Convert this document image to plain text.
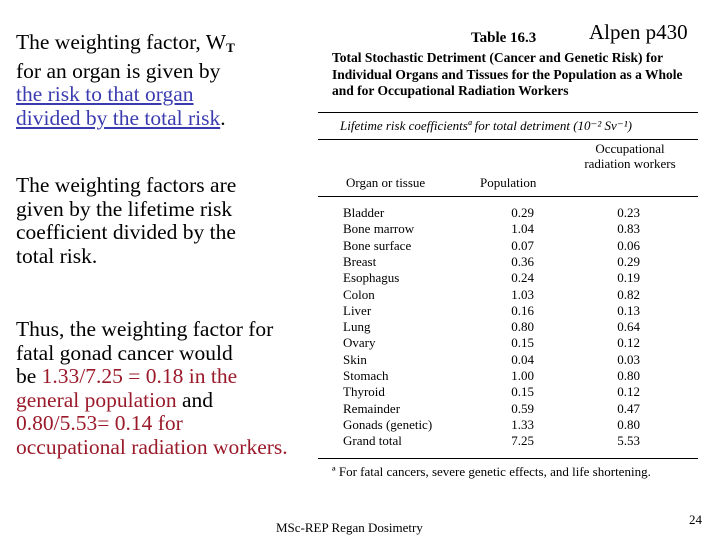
The weighting factor, $W_T$
for an organ is given by
the risk to that organ
divided by the total risk.
The weighting factors are
given by the lifetime risk
coefficient divided by the
total risk.
Thus, the weighting factor for
fatal gonad cancer would
be 1.33/7.25 = 0.18 in the
general population and
0.80/5.53= 0.14 for
occupational radiation workers.
Alpen p430
Table 16.3
Total Stochastic Detriment (Cancer and Genetic Risk) for Individual Organs and Tissues for the Population as a Whole and for Occupational Radiation Workers
Lifetime risk coefficientsª for total detriment (10⁻² Sv⁻¹)
Occupational radiation workers
Organ or tissue	Population
Bladder	0.29	0.23
Bone marrow	1.04	0.83
Bone surface	0.07	0.06
Breast	0.36	0.29
Esophagus	0.24	0.19
Colon	1.03	0.82
Liver	0.16	0.13
Lung	0.80	0.64
Ovary	0.15	0.12
Skin	0.04	0.03
Stomach	1.00	0.80
Thyroid	0.15	0.12
Remainder	0.59	0.47
Gonads (genetic)	1.33	0.80
Grand total	7.25	5.53
ª For fatal cancers, severe genetic effects, and life shortening.
MSc-REP Regan Dosimetry
24
